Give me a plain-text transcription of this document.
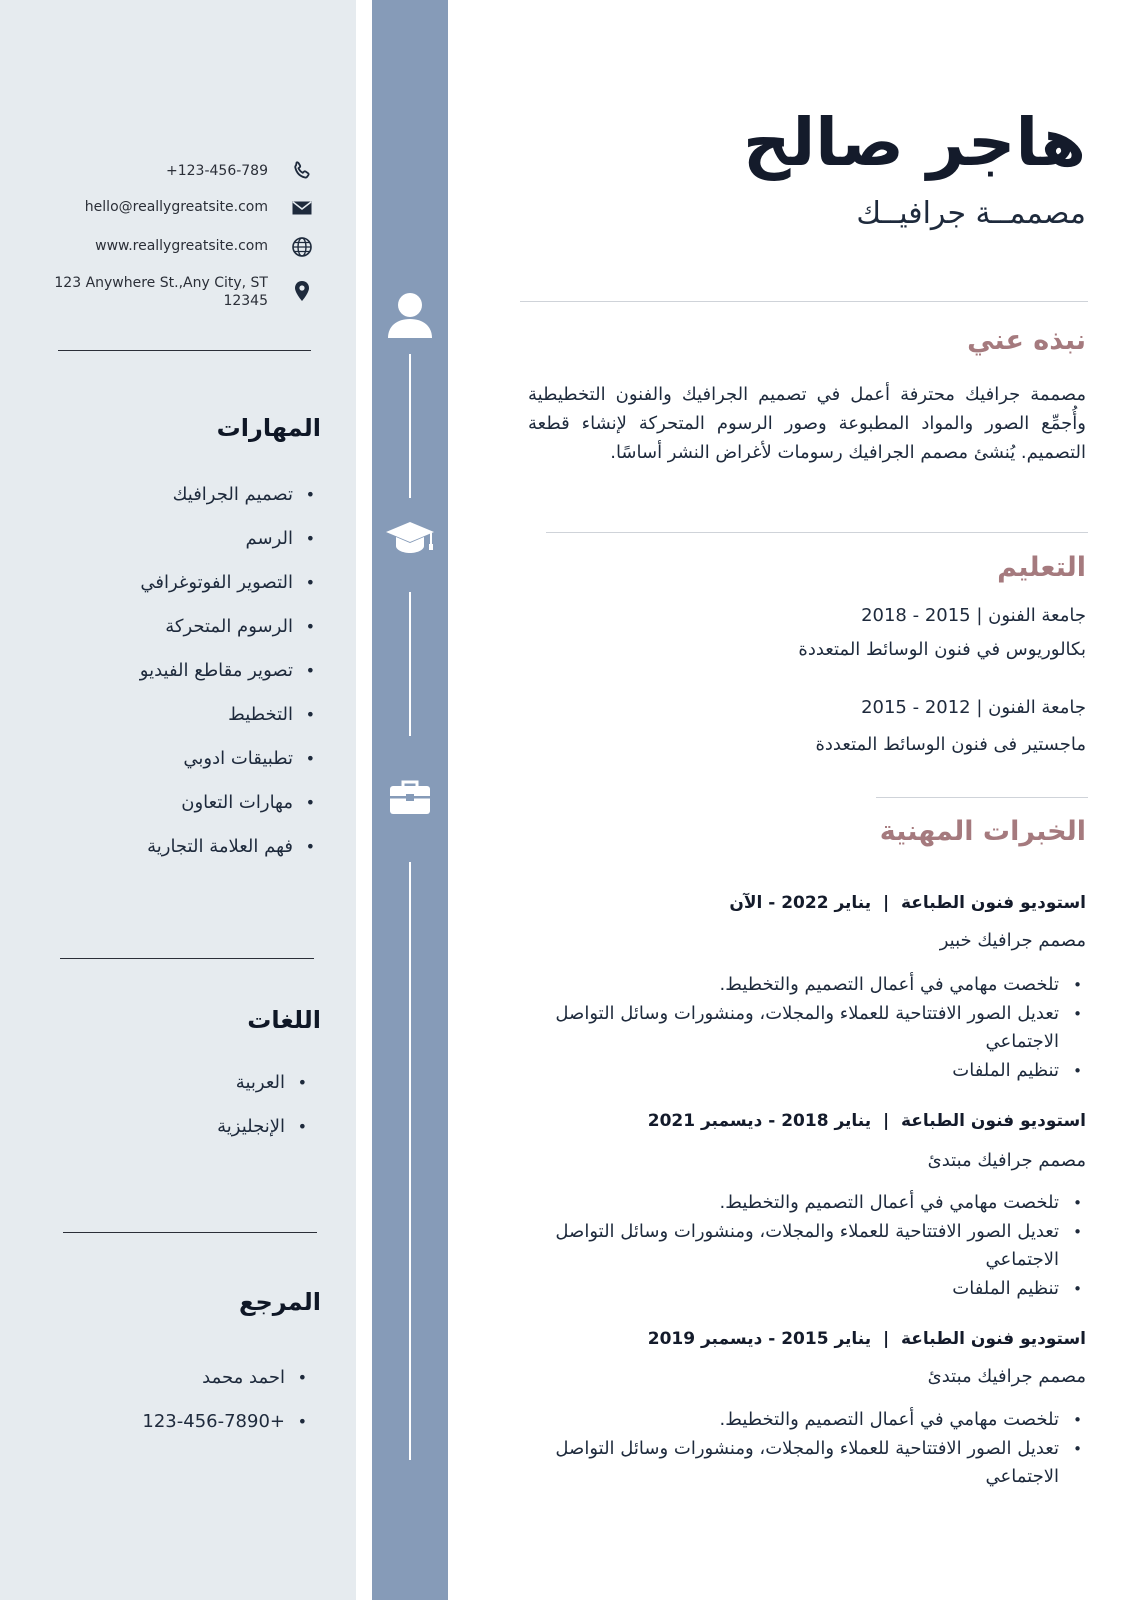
+123-456-789
hello@reallygreatsite.com
www.reallygreatsite.com
123 Anywhere St.,Any City, ST
12345
المهارات
تصميم الجرافيك •
الرسم •
التصوير الفوتوغرافي •
الرسوم المتحركة •
تصوير مقاطع الفيديو •
التخطيط •
تطبيقات ادوبي •
مهارات التعاون •
فهم العلامة التجارية •
اللغات
العربية •
الإنجليزية •
المرجع
احمد محمد •
123-456-7890+ •
هاجر صالح
مصممــة جرافيــك
نبذه عني
مصممة جرافيك محترفة أعمل في تصميم الجرافيك والفنون التخطيطية وأُجمِّع الصور والمواد المطبوعة وصور الرسوم المتحركة لإنشاء قطعة التصميم. يُنشئ مصمم الجرافيك رسومات لأغراض النشر أساسًا.
التعليم
جامعة الفنون | 2015 - 2018
بكالوريوس في فنون الوسائط المتعددة
جامعة الفنون | 2012 - 2015
ماجستير فى فنون الوسائط المتعددة
الخبرات المهنية
استوديو فنون الطباعة  |  يناير 2022 - الآن
مصمم جرافيك خبير
• تلخصت مهامي في أعمال التصميم والتخطيط.
• تعديل الصور الافتتاحية للعملاء والمجلات، ومنشورات وسائل التواصل الاجتماعي
• تنظيم الملفات
استوديو فنون الطباعة  |  يناير 2018 - ديسمبر 2021
مصمم جرافيك مبتدئ
• تلخصت مهامي في أعمال التصميم والتخطيط.
• تعديل الصور الافتتاحية للعملاء والمجلات، ومنشورات وسائل التواصل الاجتماعي
• تنظيم الملفات
استوديو فنون الطباعة  |  يناير 2015 - ديسمبر 2019
مصمم جرافيك مبتدئ
• تلخصت مهامي في أعمال التصميم والتخطيط.
• تعديل الصور الافتتاحية للعملاء والمجلات، ومنشورات وسائل التواصل الاجتماعي
